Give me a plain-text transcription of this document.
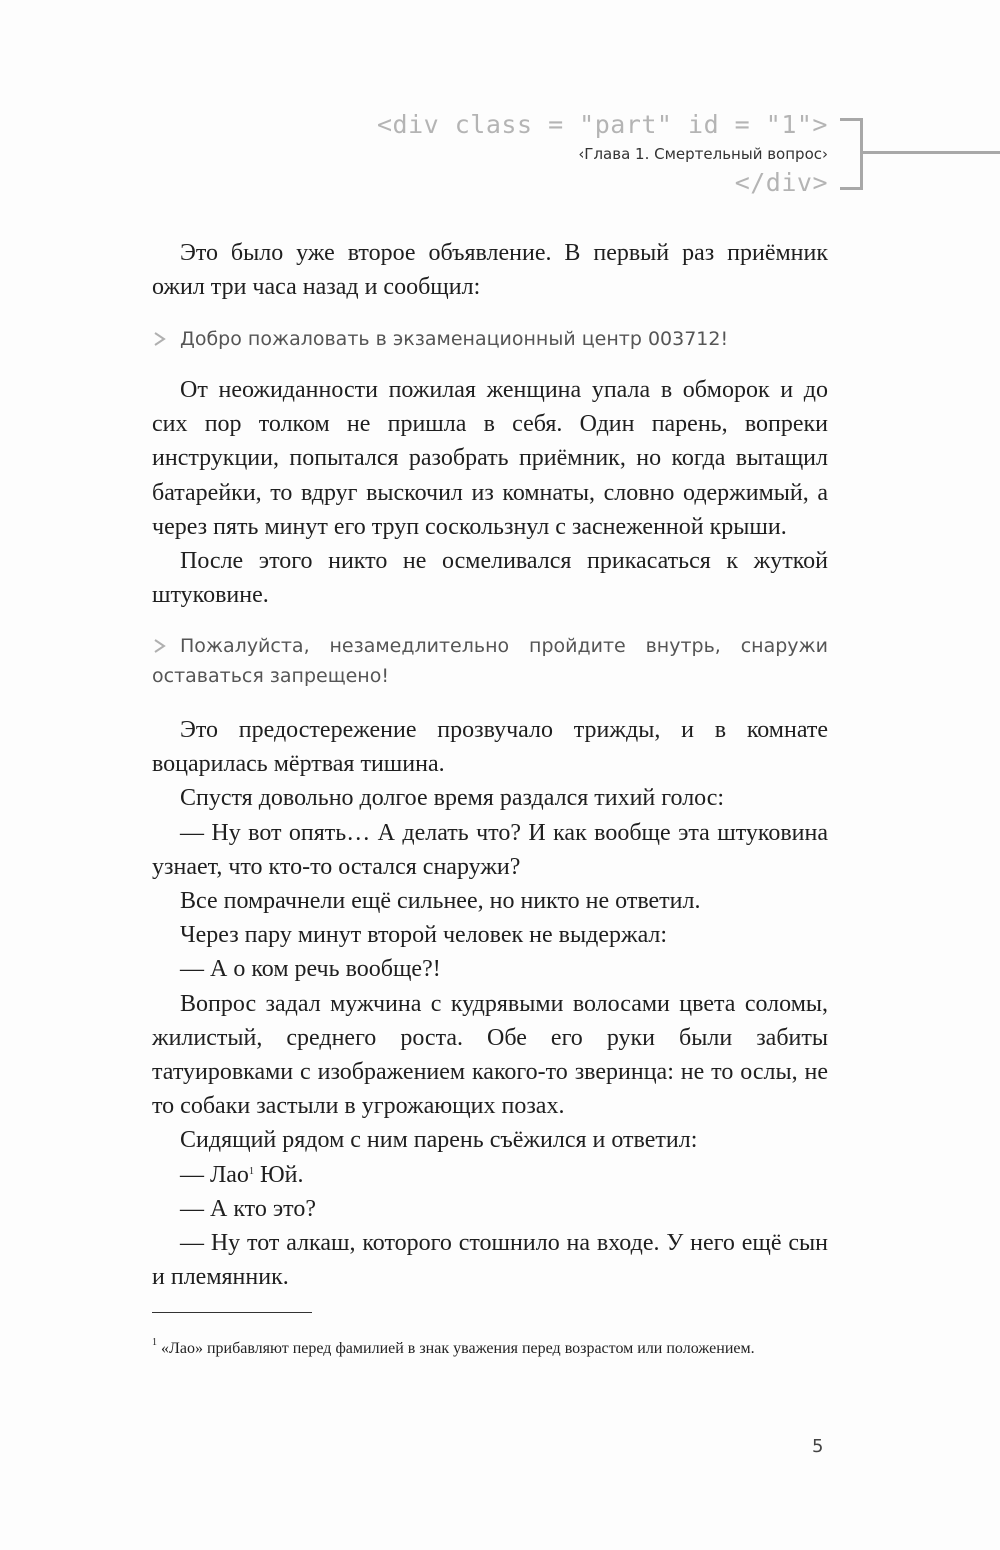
<div class = "part" id = "1">
‹Глава 1. Смертельный вопрос›
</div>

Это было уже второе объявление. В первый раз приёмник ожил три часа назад и сообщил:

Добро пожаловать в экзаменационный центр 003712!

От неожиданности пожилая женщина упала в обморок и до сих пор толком не пришла в себя. Один парень, вопреки инструкции, попытался разобрать приёмник, но когда вытащил батарейки, то вдруг выскочил из комнаты, словно одержимый, а через пять минут его труп соскользнул с заснеженной крыши.

После этого никто не осмеливался прикасаться к жуткой штуковине.

Пожалуйста, незамедлительно пройдите внутрь, снаружи оставаться запрещено!

Это предостережение прозвучало трижды, и в комнате воцарилась мёртвая тишина.

Спустя довольно долгое время раздался тихий голос:

— Ну вот опять… А делать что? И как вообще эта штуковина узнает, что кто-то остался снаружи?

Все помрачнели ещё сильнее, но никто не ответил.

Через пару минут второй человек не выдержал:

— А о ком речь вообще?!

Вопрос задал мужчина с кудрявыми волосами цвета соломы, жилистый, среднего роста. Обе его руки были забиты татуировками с изображением какого-то зверинца: не то ослы, не то собаки застыли в угрожающих позах.

Сидящий рядом с ним парень съёжился и ответил:

— Лао$^1$ Юй.

— А кто это?

— Ну тот алкаш, которого стошнило на входе. У него ещё сын и племянник.

$^1$ «Лао» прибавляют перед фамилией в знак уважения перед возрастом или положением.

5
